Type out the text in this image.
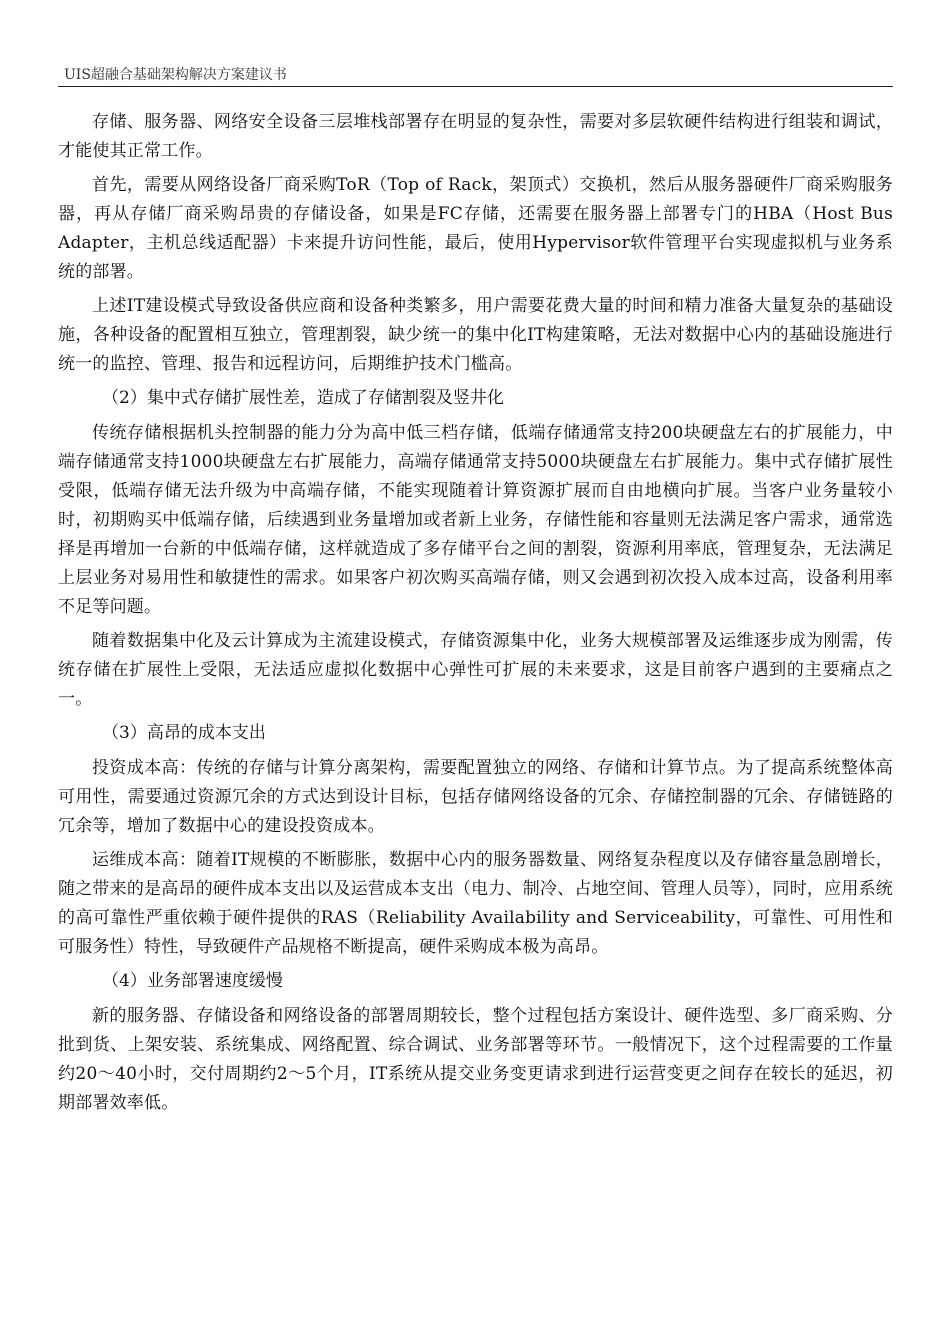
UIS超融合基础架构解决方案建议书

存储、服务器、网络安全设备三层堆栈部署存在明显的复杂性，需要对多层软硬件结构进行组装和调试，才能使其正常工作。

首先，需要从网络设备厂商采购ToR（Top of Rack，架顶式）交换机，然后从服务器硬件厂商采购服务器，再从存储厂商采购昂贵的存储设备，如果是FC存储，还需要在服务器上部署专门的HBA（Host Bus Adapter，主机总线适配器）卡来提升访问性能，最后，使用Hypervisor软件管理平台实现虚拟机与业务系统的部署。

上述IT建设模式导致设备供应商和设备种类繁多，用户需要花费大量的时间和精力准备大量复杂的基础设施，各种设备的配置相互独立，管理割裂，缺少统一的集中化IT构建策略，无法对数据中心内的基础设施进行统一的监控、管理、报告和远程访问，后期维护技术门槛高。

（2）集中式存储扩展性差，造成了存储割裂及竖井化

传统存储根据机头控制器的能力分为高中低三档存储，低端存储通常支持200块硬盘左右的扩展能力，中端存储通常支持1000块硬盘左右扩展能力，高端存储通常支持5000块硬盘左右扩展能力。集中式存储扩展性受限，低端存储无法升级为中高端存储，不能实现随着计算资源扩展而自由地横向扩展。当客户业务量较小时，初期购买中低端存储，后续遇到业务量增加或者新上业务，存储性能和容量则无法满足客户需求，通常选择是再增加一台新的中低端存储，这样就造成了多存储平台之间的割裂，资源利用率底，管理复杂，无法满足上层业务对易用性和敏捷性的需求。如果客户初次购买高端存储，则又会遇到初次投入成本过高，设备利用率不足等问题。

随着数据集中化及云计算成为主流建设模式，存储资源集中化，业务大规模部署及运维逐步成为刚需，传统存储在扩展性上受限，无法适应虚拟化数据中心弹性可扩展的未来要求，这是目前客户遇到的主要痛点之一。

（3）高昂的成本支出

投资成本高：传统的存储与计算分离架构，需要配置独立的网络、存储和计算节点。为了提高系统整体高可用性，需要通过资源冗余的方式达到设计目标，包括存储网络设备的冗余、存储控制器的冗余、存储链路的冗余等，增加了数据中心的建设投资成本。

运维成本高：随着IT规模的不断膨胀，数据中心内的服务器数量、网络复杂程度以及存储容量急剧增长，随之带来的是高昂的硬件成本支出以及运营成本支出（电力、制冷、占地空间、管理人员等），同时，应用系统的高可靠性严重依赖于硬件提供的RAS（Reliability Availability and Serviceability，可靠性、可用性和可服务性）特性，导致硬件产品规格不断提高，硬件采购成本极为高昂。

（4）业务部署速度缓慢

新的服务器、存储设备和网络设备的部署周期较长，整个过程包括方案设计、硬件选型、多厂商采购、分批到货、上架安装、系统集成、网络配置、综合调试、业务部署等环节。一般情况下，这个过程需要的工作量约20～40小时，交付周期约2～5个月，IT系统从提交业务变更请求到进行运营变更之间存在较长的延迟，初期部署效率低。
